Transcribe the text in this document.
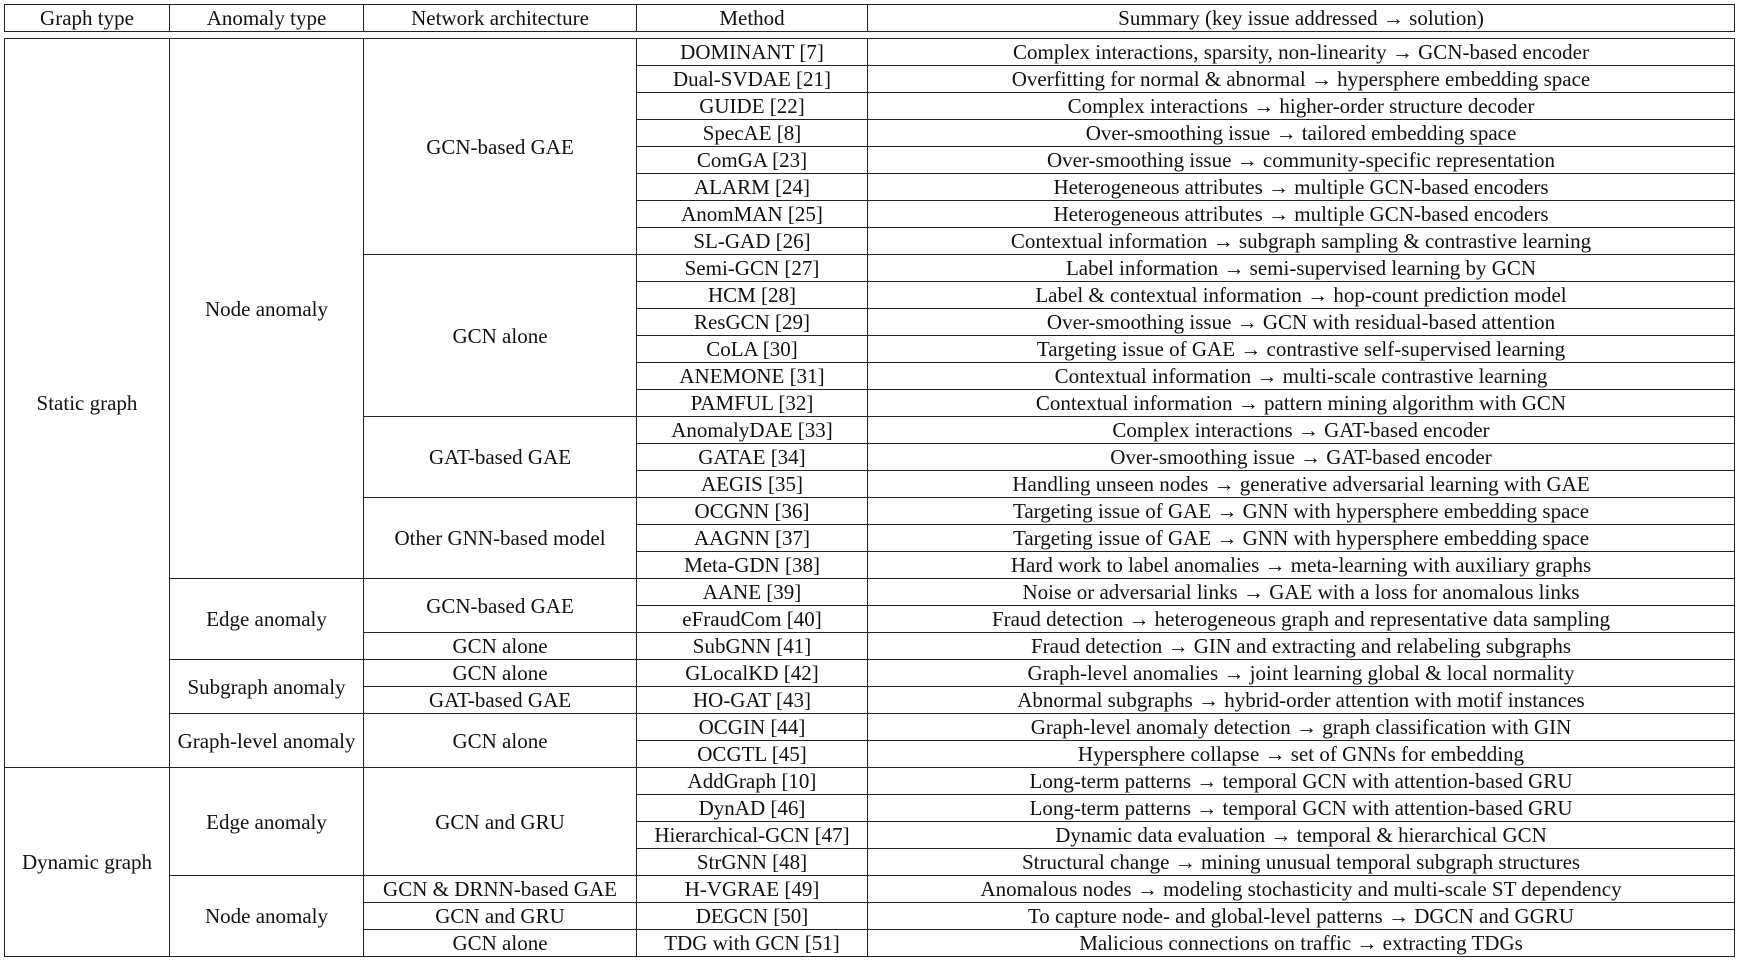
Graph type	Anomaly type	Network architecture	Method	Summary (key issue addressed → solution)

Static graph	Node anomaly	GCN-based GAE	DOMINANT [7]	Complex interactions, sparsity, non-linearity → GCN-based encoder
			Dual-SVDAE [21]	Overfitting for normal & abnormal → hypersphere embedding space
			GUIDE [22]	Complex interactions → higher-order structure decoder
			SpecAE [8]	Over-smoothing issue → tailored embedding space
			ComGA [23]	Over-smoothing issue → community-specific representation
			ALARM [24]	Heterogeneous attributes → multiple GCN-based encoders
			AnomMAN [25]	Heterogeneous attributes → multiple GCN-based encoders
			SL-GAD [26]	Contextual information → subgraph sampling & contrastive learning
		GCN alone	Semi-GCN [27]	Label information → semi-supervised learning by GCN
			HCM [28]	Label & contextual information → hop-count prediction model
			ResGCN [29]	Over-smoothing issue → GCN with residual-based attention
			CoLA [30]	Targeting issue of GAE → contrastive self-supervised learning
			ANEMONE [31]	Contextual information → multi-scale contrastive learning
			PAMFUL [32]	Contextual information → pattern mining algorithm with GCN
		GAT-based GAE	AnomalyDAE [33]	Complex interactions → GAT-based encoder
			GATAE [34]	Over-smoothing issue → GAT-based encoder
			AEGIS [35]	Handling unseen nodes → generative adversarial learning with GAE
		Other GNN-based model	OCGNN [36]	Targeting issue of GAE → GNN with hypersphere embedding space
			AAGNN [37]	Targeting issue of GAE → GNN with hypersphere embedding space
			Meta-GDN [38]	Hard work to label anomalies → meta-learning with auxiliary graphs
	Edge anomaly	GCN-based GAE	AANE [39]	Noise or adversarial links → GAE with a loss for anomalous links
			eFraudCom [40]	Fraud detection → heterogeneous graph and representative data sampling
		GCN alone	SubGNN [41]	Fraud detection → GIN and extracting and relabeling subgraphs
	Subgraph anomaly	GCN alone	GLocalKD [42]	Graph-level anomalies → joint learning global & local normality
		GAT-based GAE	HO-GAT [43]	Abnormal subgraphs → hybrid-order attention with motif instances
	Graph-level anomaly	GCN alone	OCGIN [44]	Graph-level anomaly detection → graph classification with GIN
			OCGTL [45]	Hypersphere collapse → set of GNNs for embedding
Dynamic graph	Edge anomaly	GCN and GRU	AddGraph [10]	Long-term patterns → temporal GCN with attention-based GRU
			DynAD [46]	Long-term patterns → temporal GCN with attention-based GRU
			Hierarchical-GCN [47]	Dynamic data evaluation → temporal & hierarchical GCN
			StrGNN [48]	Structural change → mining unusual temporal subgraph structures
	Node anomaly	GCN & DRNN-based GAE	H-VGRAE [49]	Anomalous nodes → modeling stochasticity and multi-scale ST dependency
		GCN and GRU	DEGCN [50]	To capture node- and global-level patterns → DGCN and GGRU
		GCN alone	TDG with GCN [51]	Malicious connections on traffic → extracting TDGs
